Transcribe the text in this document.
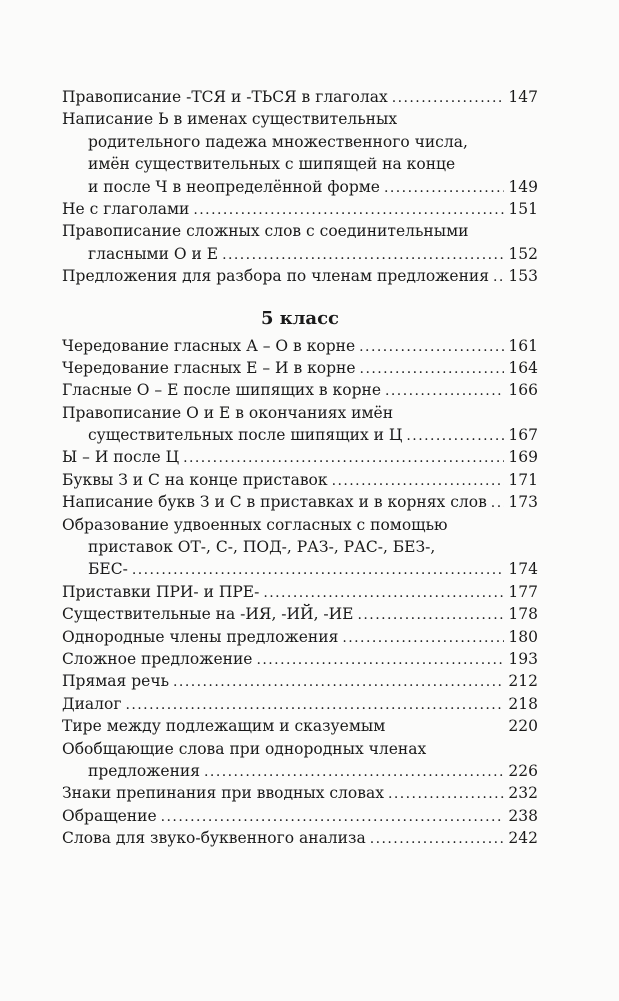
Правописание -ТСЯ и -ТЬСЯ в глаголах . . .	147
Написание Ь в именах существительных
родительного падежа множественного числа,
имён существительных с шипящей на конце
и после Ч в неопределённой форме . . .	149
Не с глаголами . . .	151
Правописание сложных слов с соединительными
гласными О и Е . . .	152
Предложения для разбора по членам предложения . . . 153
5 класс
Чередование гласных А – О в корне . . .	161
Чередование гласных Е – И в корне . . .	164
Гласные О – Е после шипящих в корне . . .	166
Правописание О и Е в окончаниях имён
существительных после шипящих и Ц . . .	167
Ы – И после Ц . . .	169
Буквы З и С на конце приставок . . .	171
Написание букв З и С в приставках и в корнях слов . . . 173
Образование удвоенных согласных с помощью
приставок ОТ-, С-, ПОД-, РАЗ-, РАС-, БЕЗ-,
БЕС- . . .	174
Приставки ПРИ- и ПРЕ- . . .	177
Существительные на -ИЯ, -ИЙ, -ИЕ . . .	178
Однородные члены предложения . . .	180
Сложное предложение . . .	193
Прямая речь . . .	212
Диалог . . .	218
Тире между подлежащим и сказуемым	220
Обобщающие слова при однородных членах
предложения . . .	226
Знаки препинания при вводных словах . . .	232
Обращение . . .	238
Слова для звуко-буквенного анализа . . .	242
